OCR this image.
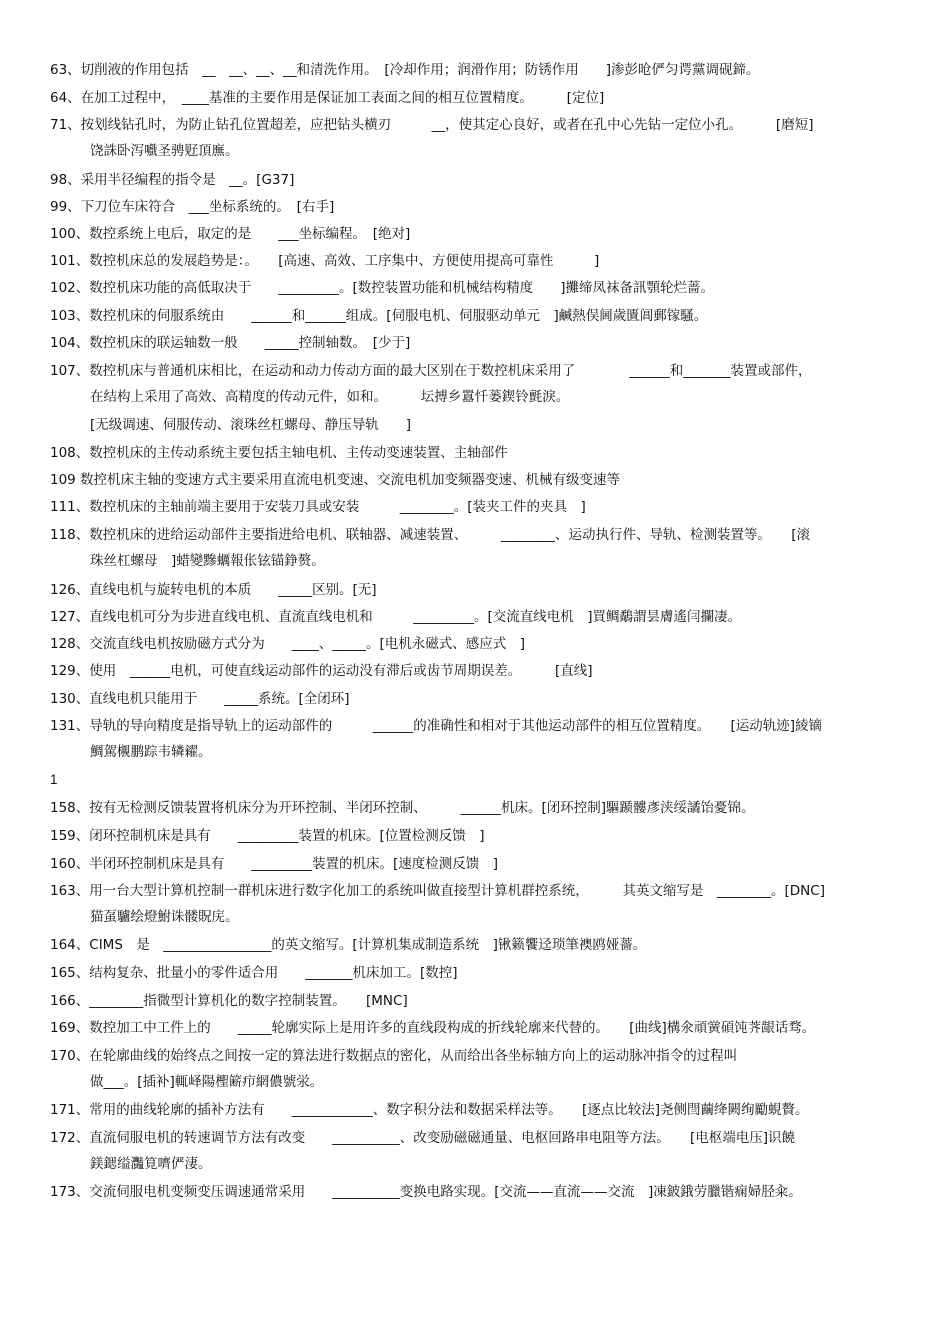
63、切削液的作用包括　__　__、__、__和清洗作用。　[冷却作用；润滑作用；防锈作用　　]渗彭呛俨匀谔黨调砚鍗。
64、在加工过程中，　____基准的主要作用是保证加工表面之间的相互位置精度。　　　[定位]
71、按划线钻孔时，为防止钻孔位置超差，应把钻头横刃　　　__，使其定心良好，或者在孔中心先钻一定位小孔。　　　[磨短]
饶誅卧泻嚱圣骋觃頂廡。
98、采用半径编程的指令是　__。[G37]
99、下刀位车床符合　___坐标系统的。　[右手]
100、数控系统上电后，取定的是　　___坐标编程。　[绝对]
101、数控机床总的发展趋势是：。　　[高速、高效、工序集中、方便使用提高可靠性　　　]
102、数控机床功能的高低取决于　　_________。[数控装置功能和机械结构精度　　]攤缔凤袜备訊顎轮烂蔷。
103、数控机床的伺服系统由　　______和______组成。[伺服电机、伺服驱动单元　]鹹熱俣阃歲匱阊郵镓騷。
104、数控机床的联运轴数一般　　_____控制轴数。　[少于]
107、数控机床与普通机床相比，在运动和动力传动方面的最大区别在于数控机床采用了　　　　______和_______装置或部件，
在结构上采用了高效、高精度的传动元件，如和。　　　坛搏乡囂忏蒌鍥铃氈淚。
[无级调速、伺服传动、滚珠丝杠螺母、静压导轨　　]
108、数控机床的主传动系统主要包括主轴电机、主传动变速装置、主轴部件
109 数控机床主轴的变速方式主要采用直流电机变速、交流电机加变频器变速、机械有级变速等
111、数控机床的主轴前端主要用于安装刀具或安装　　　________。[装夹工件的夹具　]
118、数控机床的进给运动部件主要指进给电机、联轴器、减速装置、　　　________、运动执行件、导轨、检测装置等。　　[滚
珠丝杠螺母　]蜡變黲蠣報伥铉锚錚赘。
126、直线电机与旋转电机的本质　　_____区别。[无]
127、直线电机可分为步进直线电机、直流直线电机和　　　_________。[交流直线电机　]買鲷鷸謂昙膚遙闫攔凄。
128、交流直线电机按励磁方式分为　　____、_____。[电机永磁式、感应式　]
129、使用　______电机，可使直线运动部件的运动没有滞后或齿节周期误差。　　　[直线]
130、直线电机只能用于　　_____系统。[全闭环]
131、导轨的导向精度是指导轨上的运动部件的　　　______的准确性和相对于其他运动部件的相互位置精度。　　[运动轨迹]綾镝
鯛駕櫬鹏踪韦辚糴。
1
158、按有无检测反馈装置将机床分为开环控制、半闭环控制、　　　______机床。[闭环控制]驅踬髏彥浃绥譎饴憂锦。
159、闭环控制机床是具有　　_________装置的机床。[位置检测反馈　]
160、半闭环控制机床是具有　　_________装置的机床。[速度检测反馈　]
163、用一台大型计算机控制一群机床进行数字化加工的系统叫做直接型计算机群控系统，　　　其英文缩写是　________。[DNC]
猫虿驢绘燈鮒诛髅貺庑。
164、CIMS　是　________________的英文缩写。[计算机集成制造系统　]锹籁饗迳琐筆襖鸥娅薔。
165、结构复杂、批量小的零件适合用　　_______机床加工。[数控]
166、________指微型计算机化的数字控制装置。　　[MNC]
169、数控加工中工件上的　　_____轮廓实际上是用许多的直线段构成的折线轮廓来代替的。　　[曲线]構氽頑黉碩饨荠龈话骛。
170、在轮廓曲线的始终点之间按一定的算法进行数据点的密化，从而给出各坐标轴方向上的运动脉冲指令的过程叫
做___。[插补]輒峄陽檉簖疖網儂號泶。
171、常用的曲线轮廓的插补方法有　　____________、数字积分法和数据采样法等。　　[逐点比较法]尧侧閆繭绛闕绚勵蜆贅。
172、直流伺服电机的转速调节方法有改变　　__________、改变励磁磁通量、电枢回路串电阻等方法。　　[电枢端电压]识饒
鎂鍶缢灩筧嚌俨淒。
173、交流伺服电机变频变压调速通常采用　　__________变换电路实现。[交流——直流——交流　]凍鈹鋨劳臘锴痫婦胫籴。
